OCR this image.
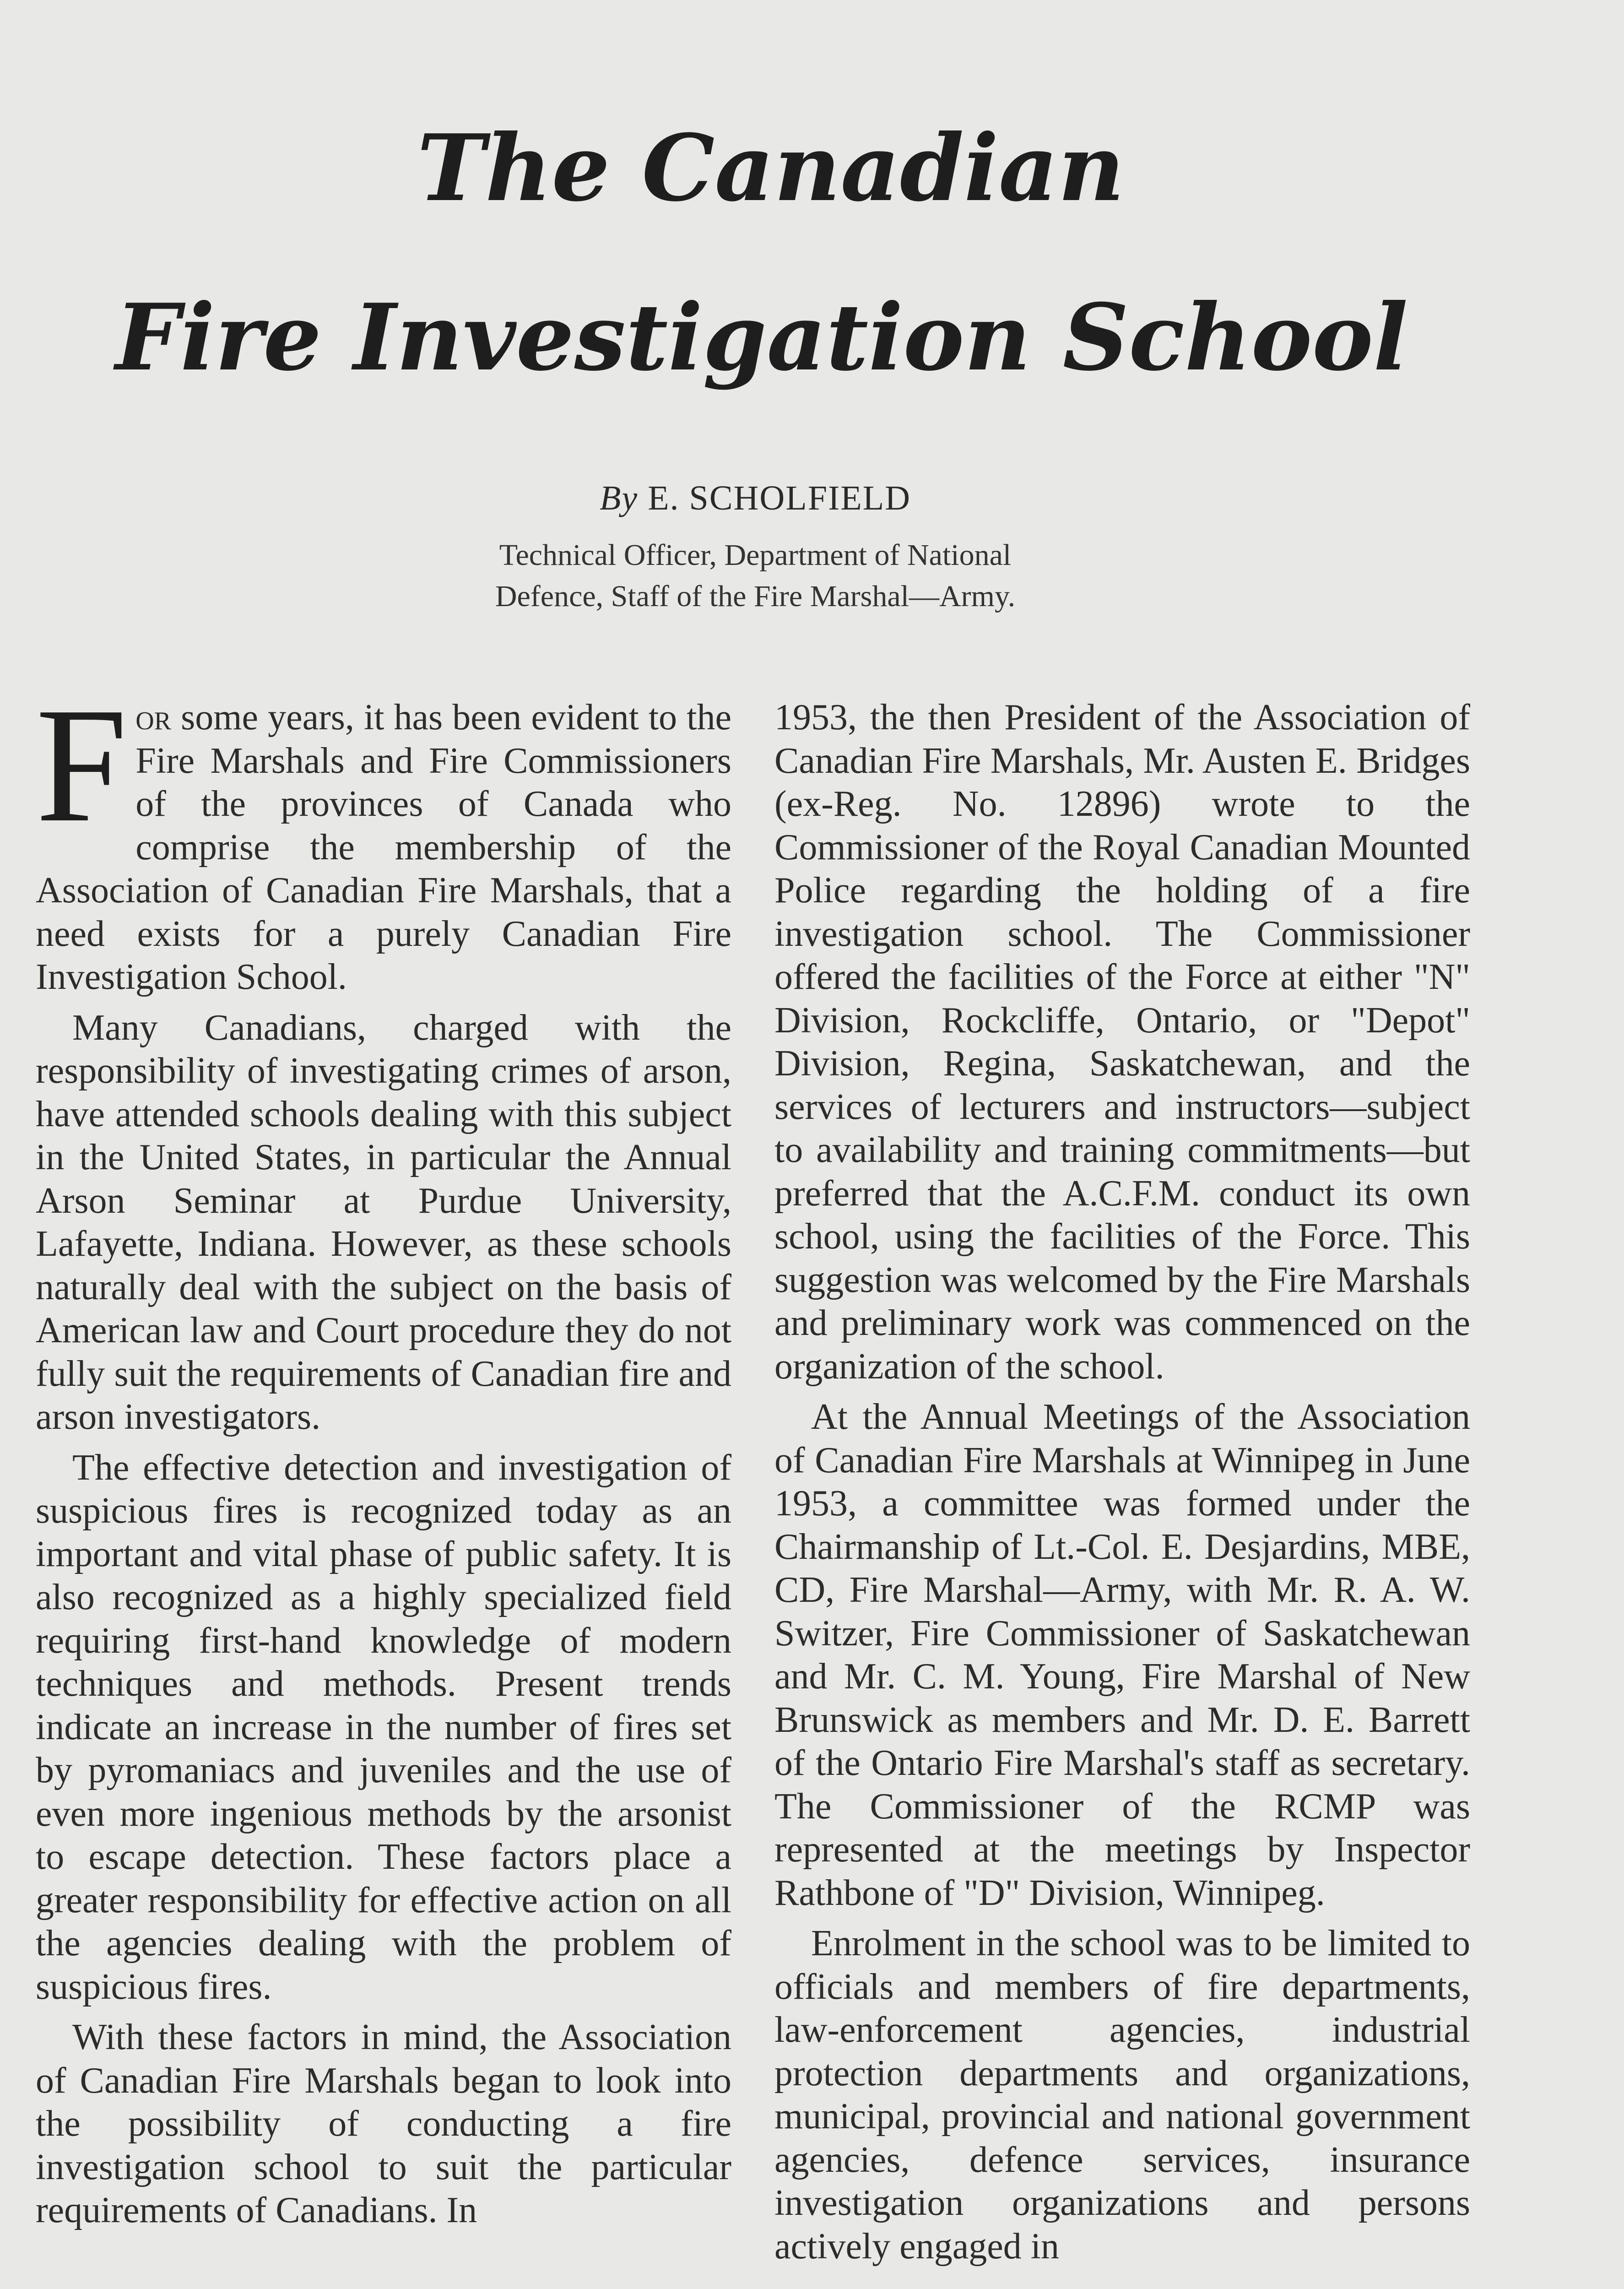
The Canadian
Fire Investigation School
By E. SCHOLFIELD
Technical Officer, Department of National
Defence, Staff of the Fire Marshal—Army.

For some years, it has been evident to the Fire Marshals and Fire Commissioners of the provinces of Canada who comprise the membership of the Association of Canadian Fire Marshals, that a need exists for a purely Canadian Fire Investigation School.

Many Canadians, charged with the responsibility of investigating crimes of arson, have attended schools dealing with this subject in the United States, in particular the Annual Arson Seminar at Purdue University, Lafayette, Indiana. However, as these schools naturally deal with the subject on the basis of American law and Court procedure they do not fully suit the requirements of Canadian fire and arson investigators.

The effective detection and investigation of suspicious fires is recognized today as an important and vital phase of public safety. It is also recognized as a highly specialized field requiring first-hand knowledge of modern techniques and methods. Present trends indicate an increase in the number of fires set by pyromaniacs and juveniles and the use of even more ingenious methods by the arsonist to escape detection. These factors place a greater responsibility for effective action on all the agencies dealing with the problem of suspicious fires.

With these factors in mind, the Association of Canadian Fire Marshals began to look into the possibility of conducting a fire investigation school to suit the particular requirements of Canadians. In

1953, the then President of the Association of Canadian Fire Marshals, Mr. Austen E. Bridges (ex-Reg. No. 12896) wrote to the Commissioner of the Royal Canadian Mounted Police regarding the holding of a fire investigation school. The Commissioner offered the facilities of the Force at either "N" Division, Rockcliffe, Ontario, or "Depot" Division, Regina, Saskatchewan, and the services of lecturers and instructors—subject to availability and training commitments—but preferred that the A.C.F.M. conduct its own school, using the facilities of the Force. This suggestion was welcomed by the Fire Marshals and preliminary work was commenced on the organization of the school.

At the Annual Meetings of the Association of Canadian Fire Marshals at Winnipeg in June 1953, a committee was formed under the Chairmanship of Lt.-Col. E. Desjardins, MBE, CD, Fire Marshal—Army, with Mr. R. A. W. Switzer, Fire Commissioner of Saskatchewan and Mr. C. M. Young, Fire Marshal of New Brunswick as members and Mr. D. E. Barrett of the Ontario Fire Marshal's staff as secretary. The Commissioner of the RCMP was represented at the meetings by Inspector Rathbone of "D" Division, Winnipeg.

Enrolment in the school was to be limited to officials and members of fire departments, law-enforcement agencies, industrial protection departments and organizations, municipal, provincial and national government agencies, defence services, insurance investigation organizations and persons actively engaged in
